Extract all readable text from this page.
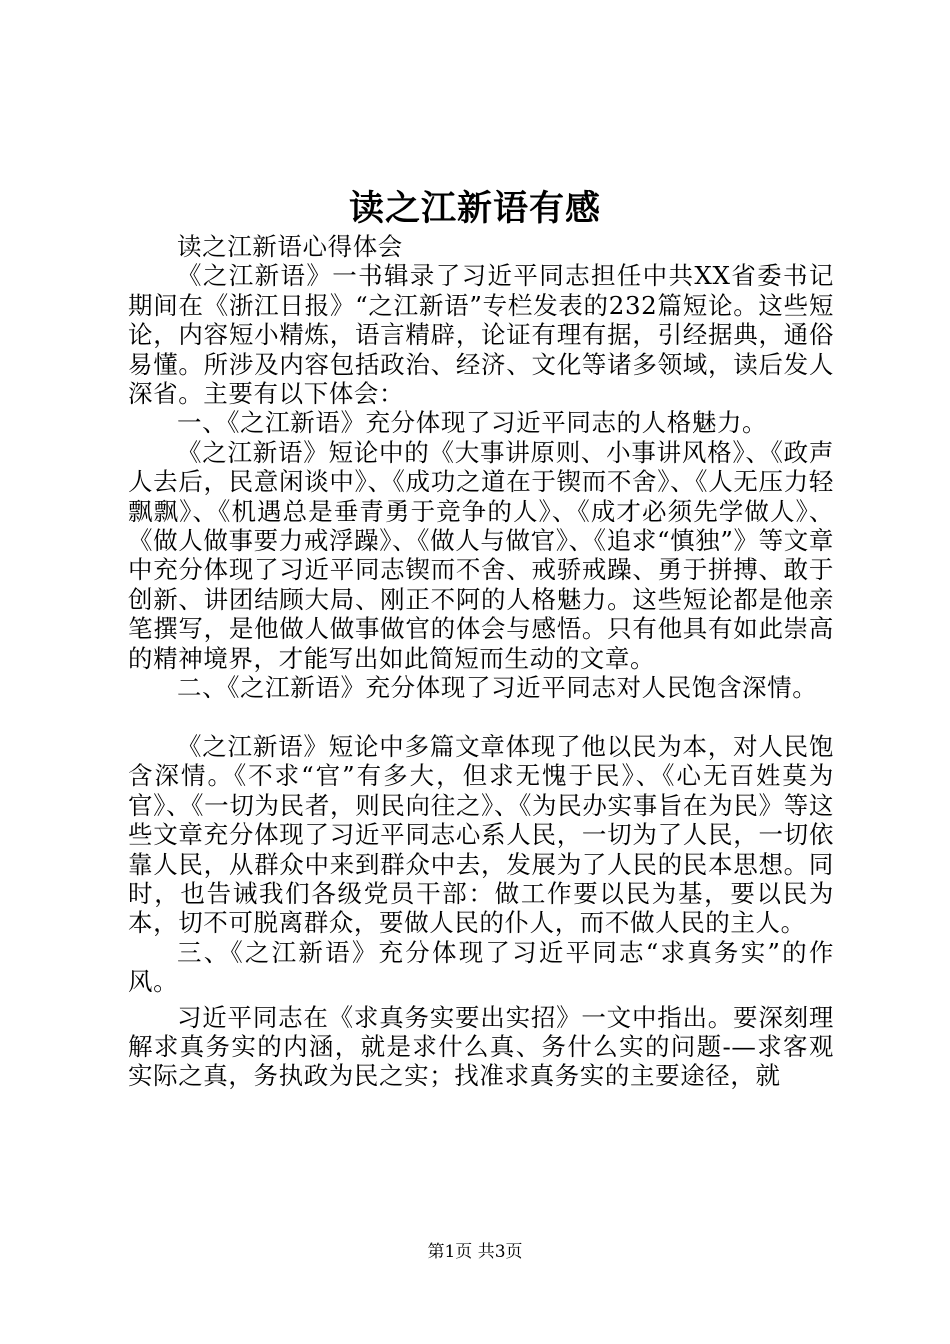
读之江新语有感

读之江新语心得体会

《之江新语》一书辑录了习近平同志担任中共XX省委书记期间在《浙江日报》“之江新语”专栏发表的232篇短论。这些短论，内容短小精炼，语言精辟，论证有理有据，引经据典，通俗易懂。所涉及内容包括政治、经济、文化等诸多领域，读后发人深省。主要有以下体会：

一、《之江新语》充分体现了习近平同志的人格魅力。

《之江新语》短论中的《大事讲原则、小事讲风格》、《政声人去后，民意闲谈中》、《成功之道在于锲而不舍》、《人无压力轻飘飘》、《机遇总是垂青勇于竞争的人》、《成才必须先学做人》、《做人做事要力戒浮躁》、《做人与做官》、《追求“慎独”》等文章中充分体现了习近平同志锲而不舍、戒骄戒躁、勇于拼搏、敢于创新、讲团结顾大局、刚正不阿的人格魅力。这些短论都是他亲笔撰写，是他做人做事做官的体会与感悟。只有他具有如此崇高的精神境界，才能写出如此简短而生动的文章。

二、《之江新语》充分体现了习近平同志对人民饱含深情。

《之江新语》短论中多篇文章体现了他以民为本，对人民饱含深情。《不求“官”有多大，但求无愧于民》、《心无百姓莫为官》、《一切为民者，则民向往之》、《为民办实事旨在为民》等这些文章充分体现了习近平同志心系人民，一切为了人民，一切依靠人民，从群众中来到群众中去，发展为了人民的民本思想。同时，也告诫我们各级党员干部：做工作要以民为基，要以民为本，切不可脱离群众，要做人民的仆人，而不做人民的主人。

三、《之江新语》充分体现了习近平同志“求真务实”的作风。

习近平同志在《求真务实要出实招》一文中指出。要深刻理解求真务实的内涵，就是求什么真、务什么实的问题-—求客观实际之真，务执政为民之实；找准求真务实的主要途径，就

第1页 共3页
